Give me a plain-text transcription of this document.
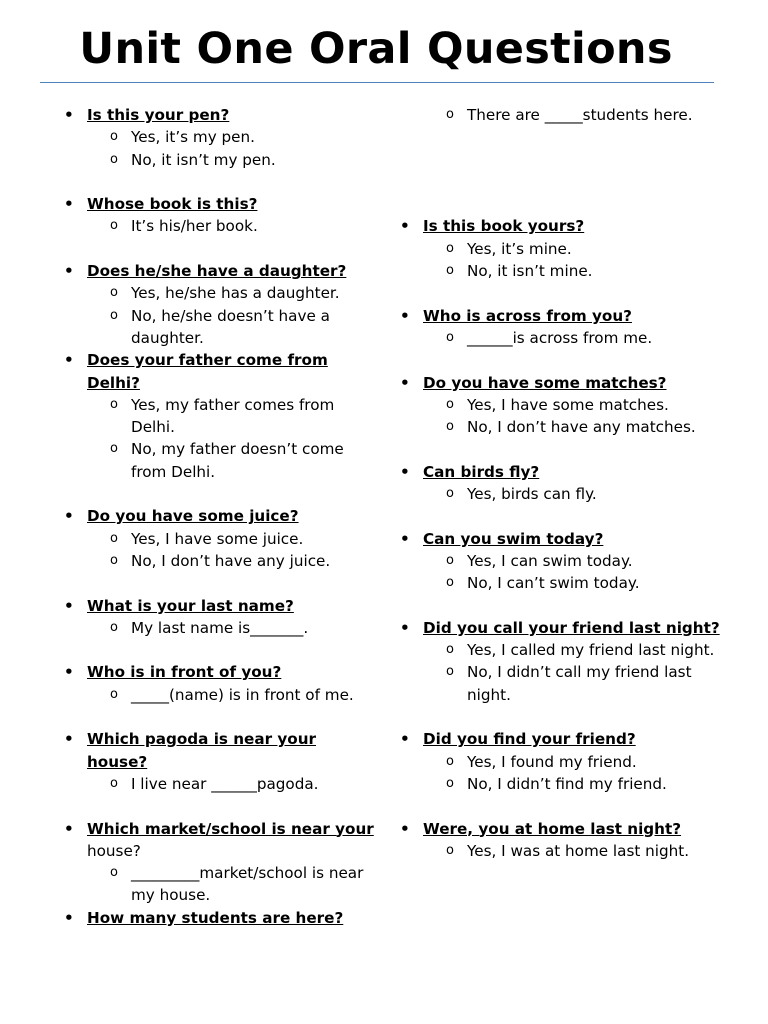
Unit One Oral Questions
• Is this your pen?
o Yes, it’s my pen.
o No, it isn’t my pen.
• Whose book is this?
o It’s his/her book.
• Does he/she have a daughter?
o Yes, he/she has a daughter.
o No, he/she doesn’t have a daughter.
• Does your father come from Delhi?
o Yes, my father comes from Delhi.
o No, my father doesn’t come from Delhi.
• Do you have some juice?
o Yes, I have some juice.
o No, I don’t have any juice.
• What is your last name?
o My last name is_______.
• Who is in front of you?
o _____(name) is in front of me.
• Which pagoda is near your house?
o I live near ______pagoda.
• Which market/school is near your house?
o _________market/school is near my house.
• How many students are here?
o There are _____students here.
• Is this book yours?
o Yes, it’s mine.
o No, it isn’t mine.
• Who is across from you?
o ______is across from me.
• Do you have some matches?
o Yes, I have some matches.
o No, I don’t have any matches.
• Can birds fly?
o Yes, birds can fly.
• Can you swim today?
o Yes, I can swim today.
o No, I can’t swim today.
• Did you call your friend last night?
o Yes, I called my friend last night.
o No, I didn’t call my friend last night.
• Did you find your friend?
o Yes, I found my friend.
o No, I didn’t find my friend.
• Were, you at home last night?
o Yes, I was at home last night.
